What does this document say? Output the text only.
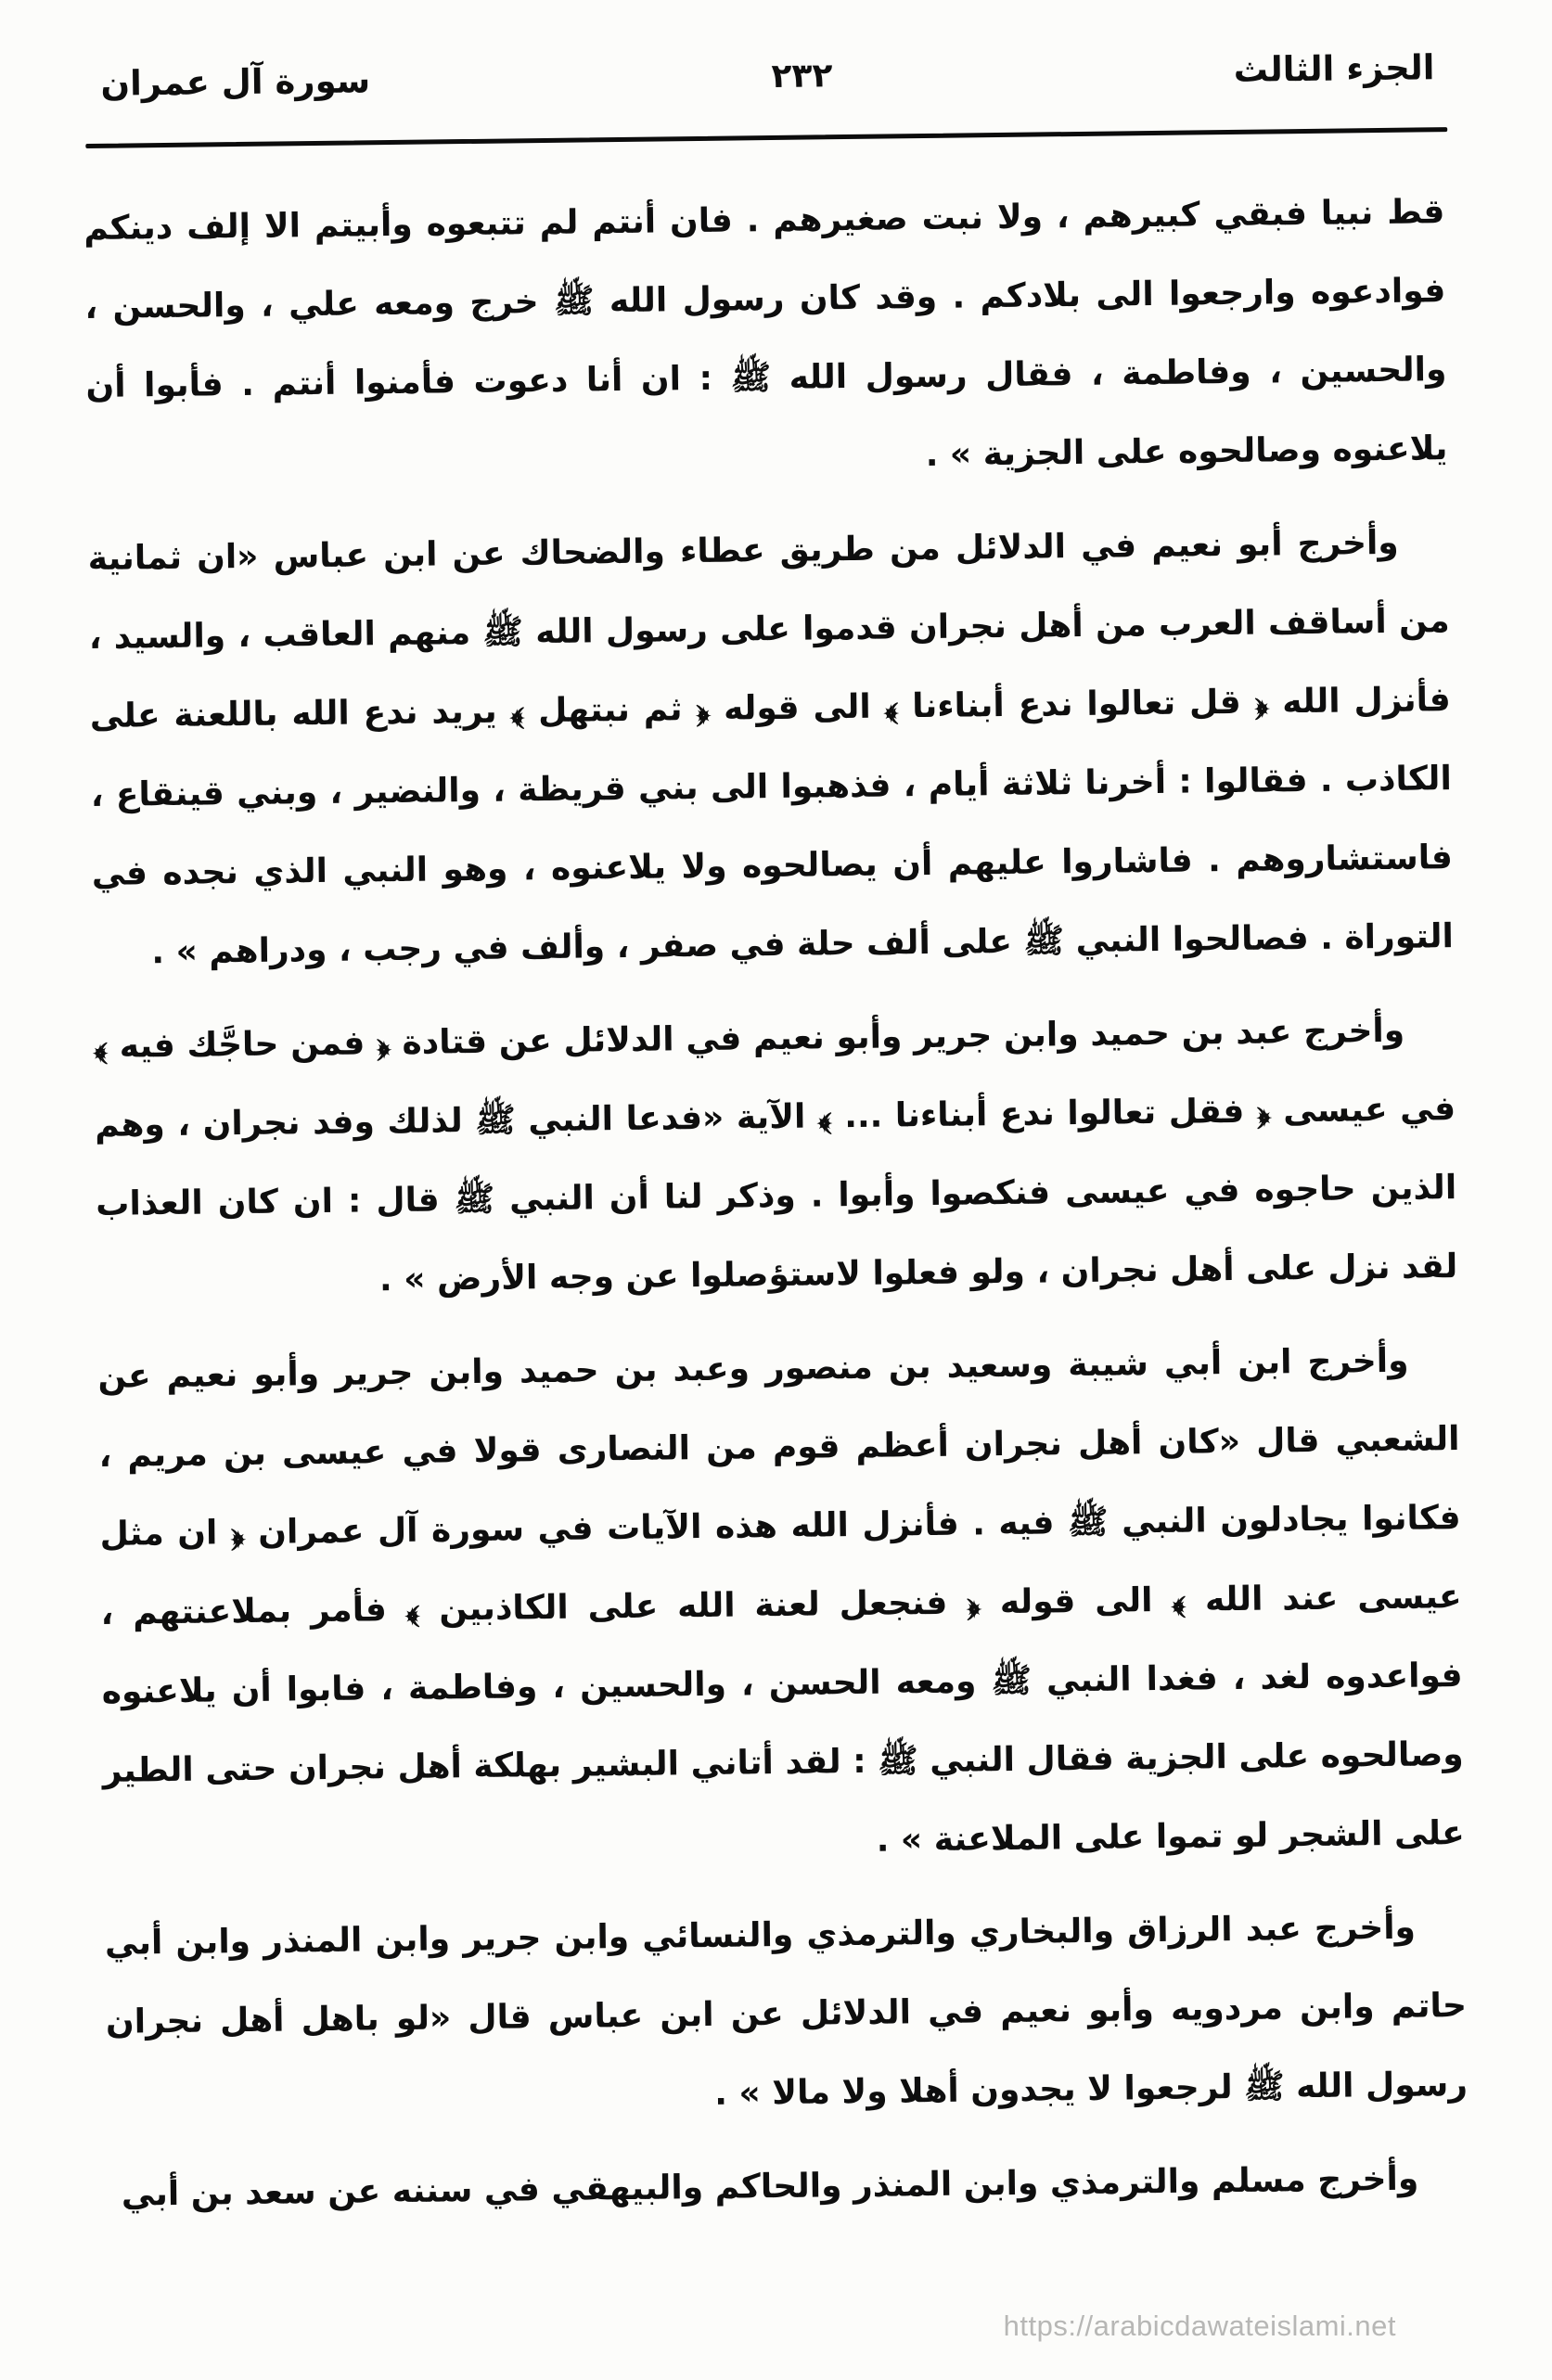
الجزء الثالث
٢٣٢
سورة آل عمران

قط نبيا فبقي كبيرهم ، ولا نبت صغيرهم . فان أنتم لم تتبعوه وأبيتم الا إلف دينكم فوادعوه وارجعوا الى بلادكم . وقد كان رسول الله ﷺ خرج ومعه علي ، والحسن ، والحسين ، وفاطمة ، فقال رسول الله ﷺ : ان أنا دعوت فأمنوا أنتم . فأبوا أن يلاعنوه وصالحوه على الجزية » .

وأخرج أبو نعيم في الدلائل من طريق عطاء والضحاك عن ابن عباس «ان ثمانية من أساقف العرب من أهل نجران قدموا على رسول الله ﷺ منهم العاقب ، والسيد ، فأنزل الله ﴿ قل تعالوا ندع أبناءنا ﴾ الى قوله ﴿ ثم نبتهل ﴾ يريد ندع الله باللعنة على الكاذب . فقالوا : أخرنا ثلاثة أيام ، فذهبوا الى بني قريظة ، والنضير ، وبني قينقاع ، فاستشاروهم . فاشاروا عليهم أن يصالحوه ولا يلاعنوه ، وهو النبي الذي نجده في التوراة . فصالحوا النبي ﷺ على ألف حلة في صفر ، وألف في رجب ، ودراهم » .

وأخرج عبد بن حميد وابن جرير وأبو نعيم في الدلائل عن قتادة ﴿ فمن حاجَّك فيه ﴾ في عيسى ﴿ فقل تعالوا ندع أبناءنا ... ﴾ الآية «فدعا النبي ﷺ لذلك وفد نجران ، وهم الذين حاجوه في عيسى فنكصوا وأبوا . وذكر لنا أن النبي ﷺ قال : ان كان العذاب لقد نزل على أهل نجران ، ولو فعلوا لاستؤصلوا عن وجه الأرض » .

وأخرج ابن أبي شيبة وسعيد بن منصور وعبد بن حميد وابن جرير وأبو نعيم عن الشعبي قال «كان أهل نجران أعظم قوم من النصارى قولا في عيسى بن مريم ، فكانوا يجادلون النبي ﷺ فيه . فأنزل الله هذه الآيات في سورة آل عمران ﴿ ان مثل عيسى عند الله ﴾ الى قوله ﴿ فنجعل لعنة الله على الكاذبين ﴾ فأمر بملاعنتهم ، فواعدوه لغد ، فغدا النبي ﷺ ومعه الحسن ، والحسين ، وفاطمة ، فابوا أن يلاعنوه وصالحوه على الجزية فقال النبي ﷺ : لقد أتاني البشير بهلكة أهل نجران حتى الطير على الشجر لو تموا على الملاعنة » .

وأخرج عبد الرزاق والبخاري والترمذي والنسائي وابن جرير وابن المنذر وابن أبي حاتم وابن مردويه وأبو نعيم في الدلائل عن ابن عباس قال «لو باهل أهل نجران رسول الله ﷺ لرجعوا لا يجدون أهلا ولا مالا » .

وأخرج مسلم والترمذي وابن المنذر والحاكم والبيهقي في سننه عن سعد بن أبي

https://arabicdawateislami.net
